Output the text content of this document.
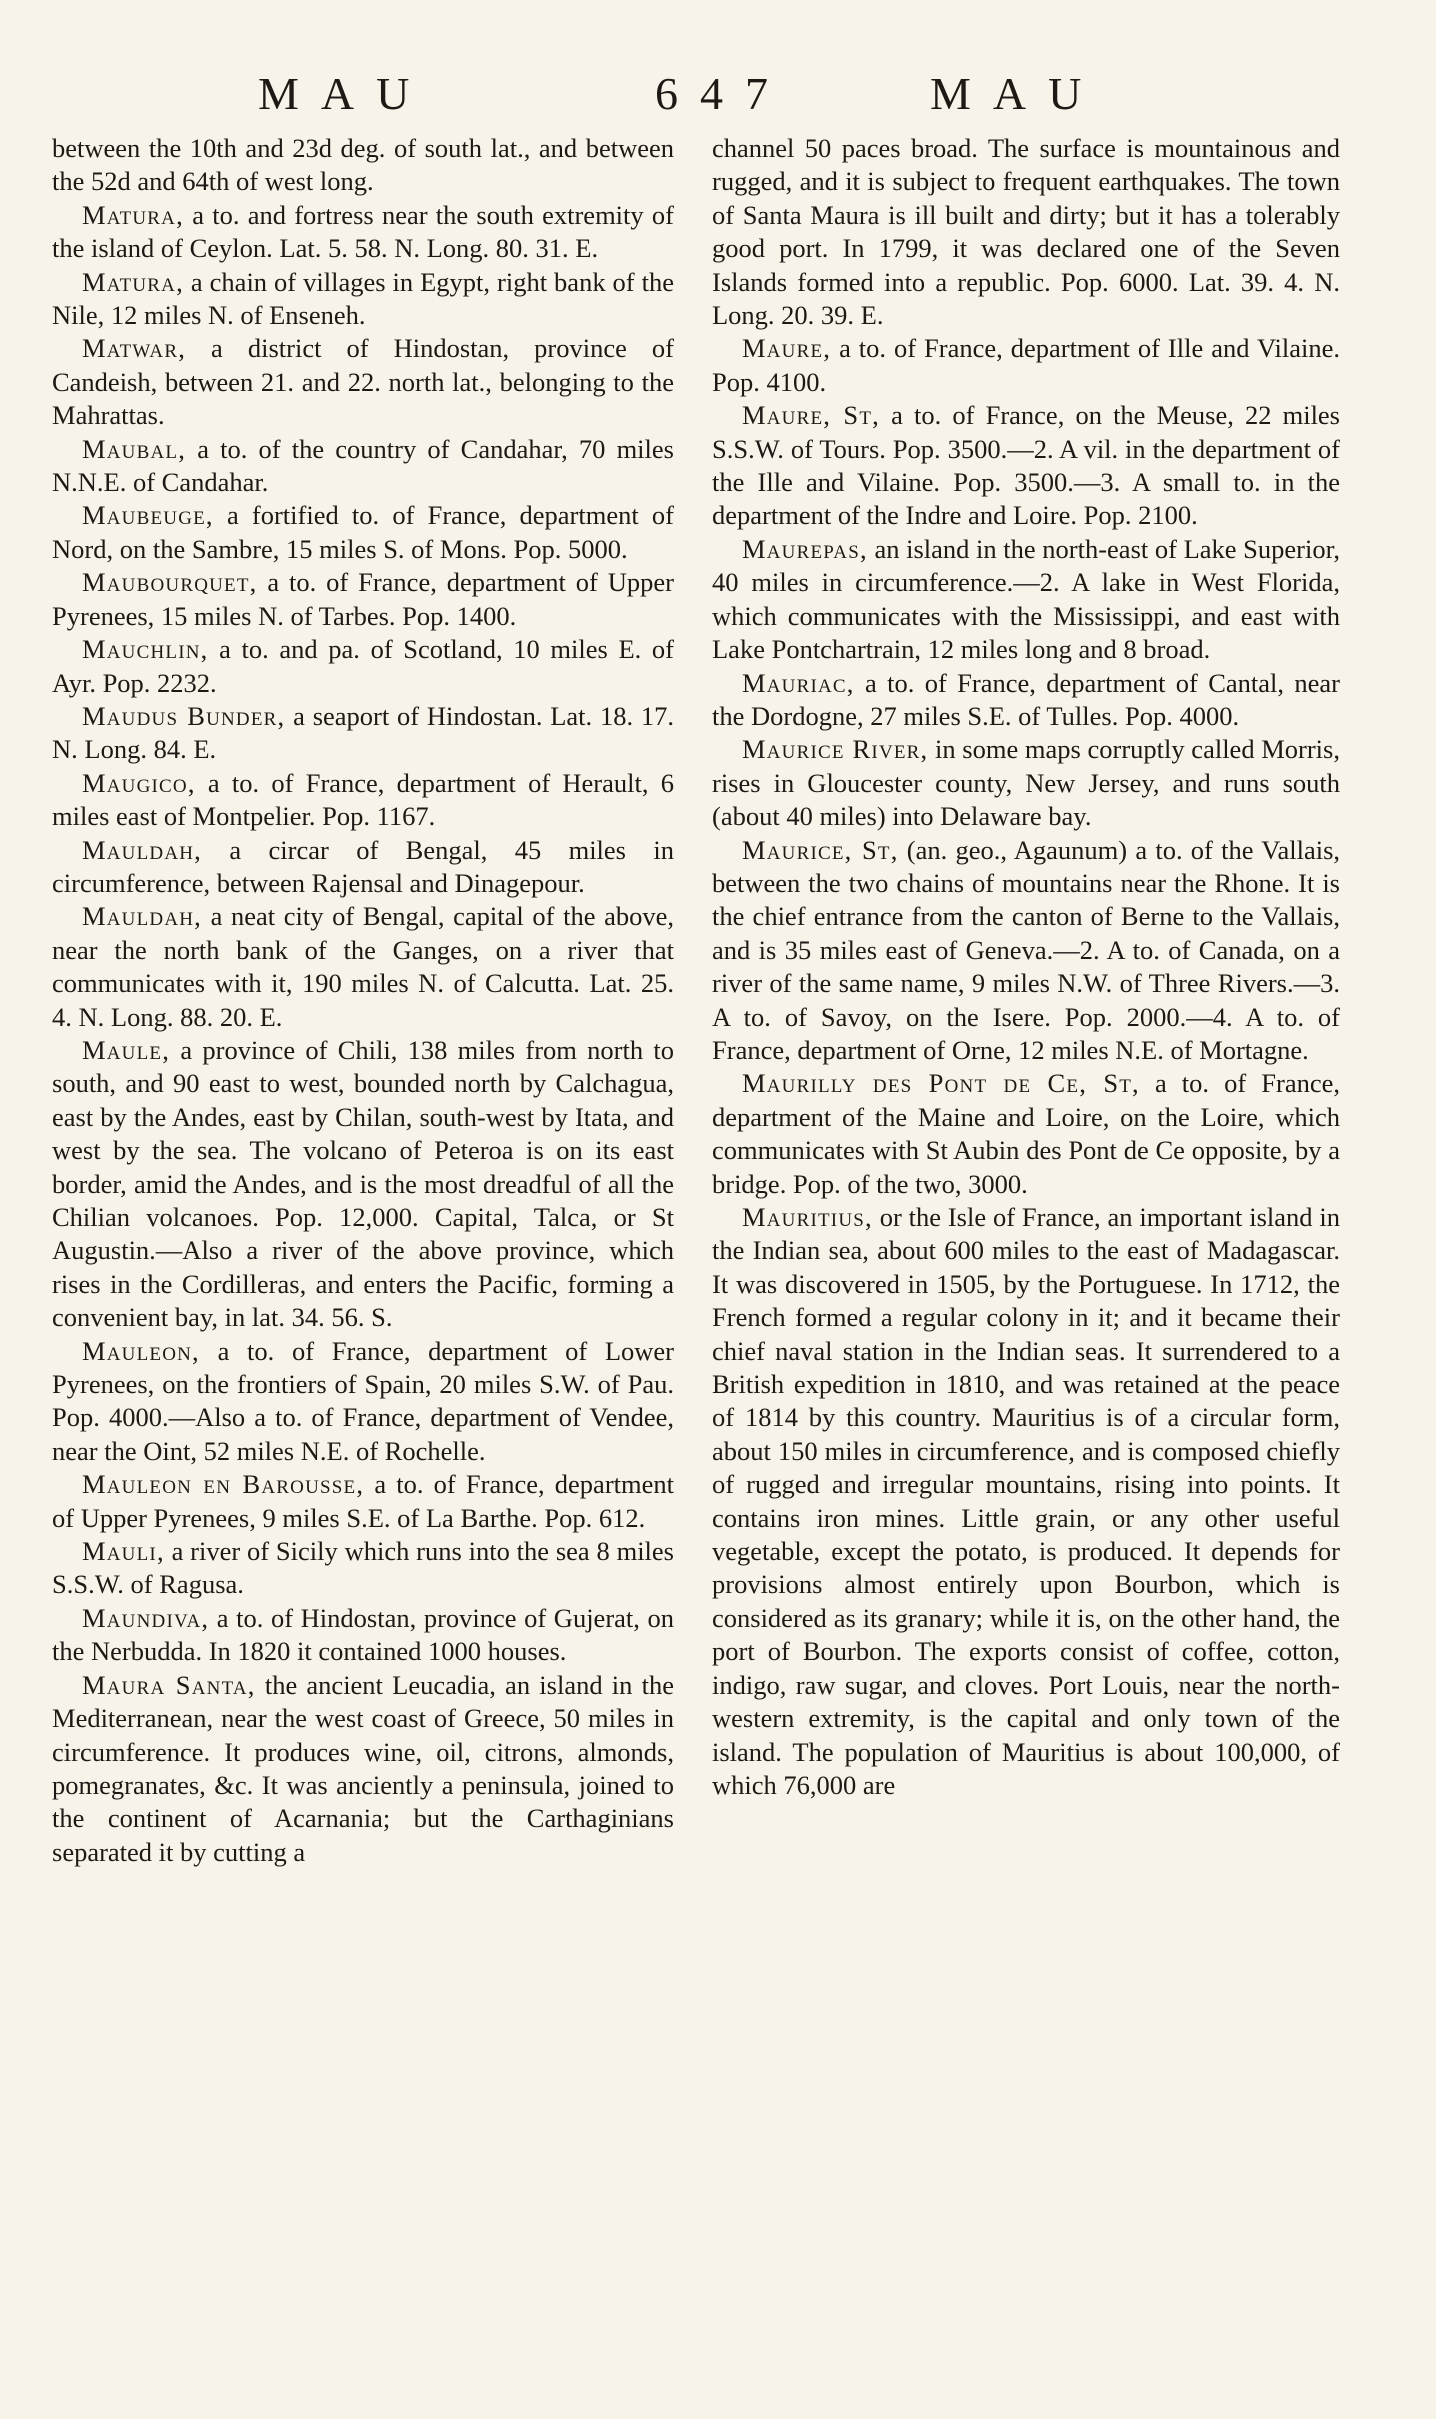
MAU	647	MAU

between the 10th and 23d deg. of south lat., and between the 52d and 64th of west long.

Matura, a to. and fortress near the south extremity of the island of Ceylon. Lat. 5. 58. N. Long. 80. 31. E.

Matura, a chain of villages in Egypt, right bank of the Nile, 12 miles N. of Enseneh.

Matwar, a district of Hindostan, province of Candeish, between 21. and 22. north lat., belonging to the Mahrattas.

Maubal, a to. of the country of Candahar, 70 miles N.N.E. of Candahar.

Maubeuge, a fortified to. of France, department of Nord, on the Sambre, 15 miles S. of Mons. Pop. 5000.

Maubourquet, a to. of France, department of Upper Pyrenees, 15 miles N. of Tarbes. Pop. 1400.

Mauchlin, a to. and pa. of Scotland, 10 miles E. of Ayr. Pop. 2232.

Maudus Bunder, a seaport of Hindostan. Lat. 18. 17. N. Long. 84. E.

Maugico, a to. of France, department of Herault, 6 miles east of Montpelier. Pop. 1167.

Mauldah, a circar of Bengal, 45 miles in circumference, between Rajensal and Dinagepour.

Mauldah, a neat city of Bengal, capital of the above, near the north bank of the Ganges, on a river that communicates with it, 190 miles N. of Calcutta. Lat. 25. 4. N. Long. 88. 20. E.

Maule, a province of Chili, 138 miles from north to south, and 90 east to west, bounded north by Calchagua, east by the Andes, east by Chilan, south-west by Itata, and west by the sea. The volcano of Peteroa is on its east border, amid the Andes, and is the most dreadful of all the Chilian volcanoes. Pop. 12,000. Capital, Talca, or St Augustin.—Also a river of the above province, which rises in the Cordilleras, and enters the Pacific, forming a convenient bay, in lat. 34. 56. S.

Mauleon, a to. of France, department of Lower Pyrenees, on the frontiers of Spain, 20 miles S.W. of Pau. Pop. 4000.—Also a to. of France, department of Vendee, near the Oint, 52 miles N.E. of Rochelle.

Mauleon en Barousse, a to. of France, department of Upper Pyrenees, 9 miles S.E. of La Barthe. Pop. 612.

Mauli, a river of Sicily which runs into the sea 8 miles S.S.W. of Ragusa.

Maundiva, a to. of Hindostan, province of Gujerat, on the Nerbudda. In 1820 it contained 1000 houses.

Maura Santa, the ancient Leucadia, an island in the Mediterranean, near the west coast of Greece, 50 miles in circumference. It produces wine, oil, citrons, almonds, pomegranates, &c. It was anciently a peninsula, joined to the continent of Acarnania; but the Carthaginians separated it by cutting a

channel 50 paces broad. The surface is mountainous and rugged, and it is subject to frequent earthquakes. The town of Santa Maura is ill built and dirty; but it has a tolerably good port. In 1799, it was declared one of the Seven Islands formed into a republic. Pop. 6000. Lat. 39. 4. N. Long. 20. 39. E.

Maure, a to. of France, department of Ille and Vilaine. Pop. 4100.

Maure, St, a to. of France, on the Meuse, 22 miles S.S.W. of Tours. Pop. 3500.—2. A vil. in the department of the Ille and Vilaine. Pop. 3500.—3. A small to. in the department of the Indre and Loire. Pop. 2100.

Maurepas, an island in the north-east of Lake Superior, 40 miles in circumference.—2. A lake in West Florida, which communicates with the Mississippi, and east with Lake Pontchartrain, 12 miles long and 8 broad.

Mauriac, a to. of France, department of Cantal, near the Dordogne, 27 miles S.E. of Tulles. Pop. 4000.

Maurice River, in some maps corruptly called Morris, rises in Gloucester county, New Jersey, and runs south (about 40 miles) into Delaware bay.

Maurice, St, (an. geo., Agaunum) a to. of the Vallais, between the two chains of mountains near the Rhone. It is the chief entrance from the canton of Berne to the Vallais, and is 35 miles east of Geneva.—2. A to. of Canada, on a river of the same name, 9 miles N.W. of Three Rivers.—3. A to. of Savoy, on the Isere. Pop. 2000.—4. A to. of France, department of Orne, 12 miles N.E. of Mortagne.

Maurilly des Pont de Ce, St, a to. of France, department of the Maine and Loire, on the Loire, which communicates with St Aubin des Pont de Ce opposite, by a bridge. Pop. of the two, 3000.

Mauritius, or the Isle of France, an important island in the Indian sea, about 600 miles to the east of Madagascar. It was discovered in 1505, by the Portuguese. In 1712, the French formed a regular colony in it; and it became their chief naval station in the Indian seas. It surrendered to a British expedition in 1810, and was retained at the peace of 1814 by this country. Mauritius is of a circular form, about 150 miles in circumference, and is composed chiefly of rugged and irregular mountains, rising into points. It contains iron mines. Little grain, or any other useful vegetable, except the potato, is produced. It depends for provisions almost entirely upon Bourbon, which is considered as its granary; while it is, on the other hand, the port of Bourbon. The exports consist of coffee, cotton, indigo, raw sugar, and cloves. Port Louis, near the north-western extremity, is the capital and only town of the island. The population of Mauritius is about 100,000, of which 76,000 are
